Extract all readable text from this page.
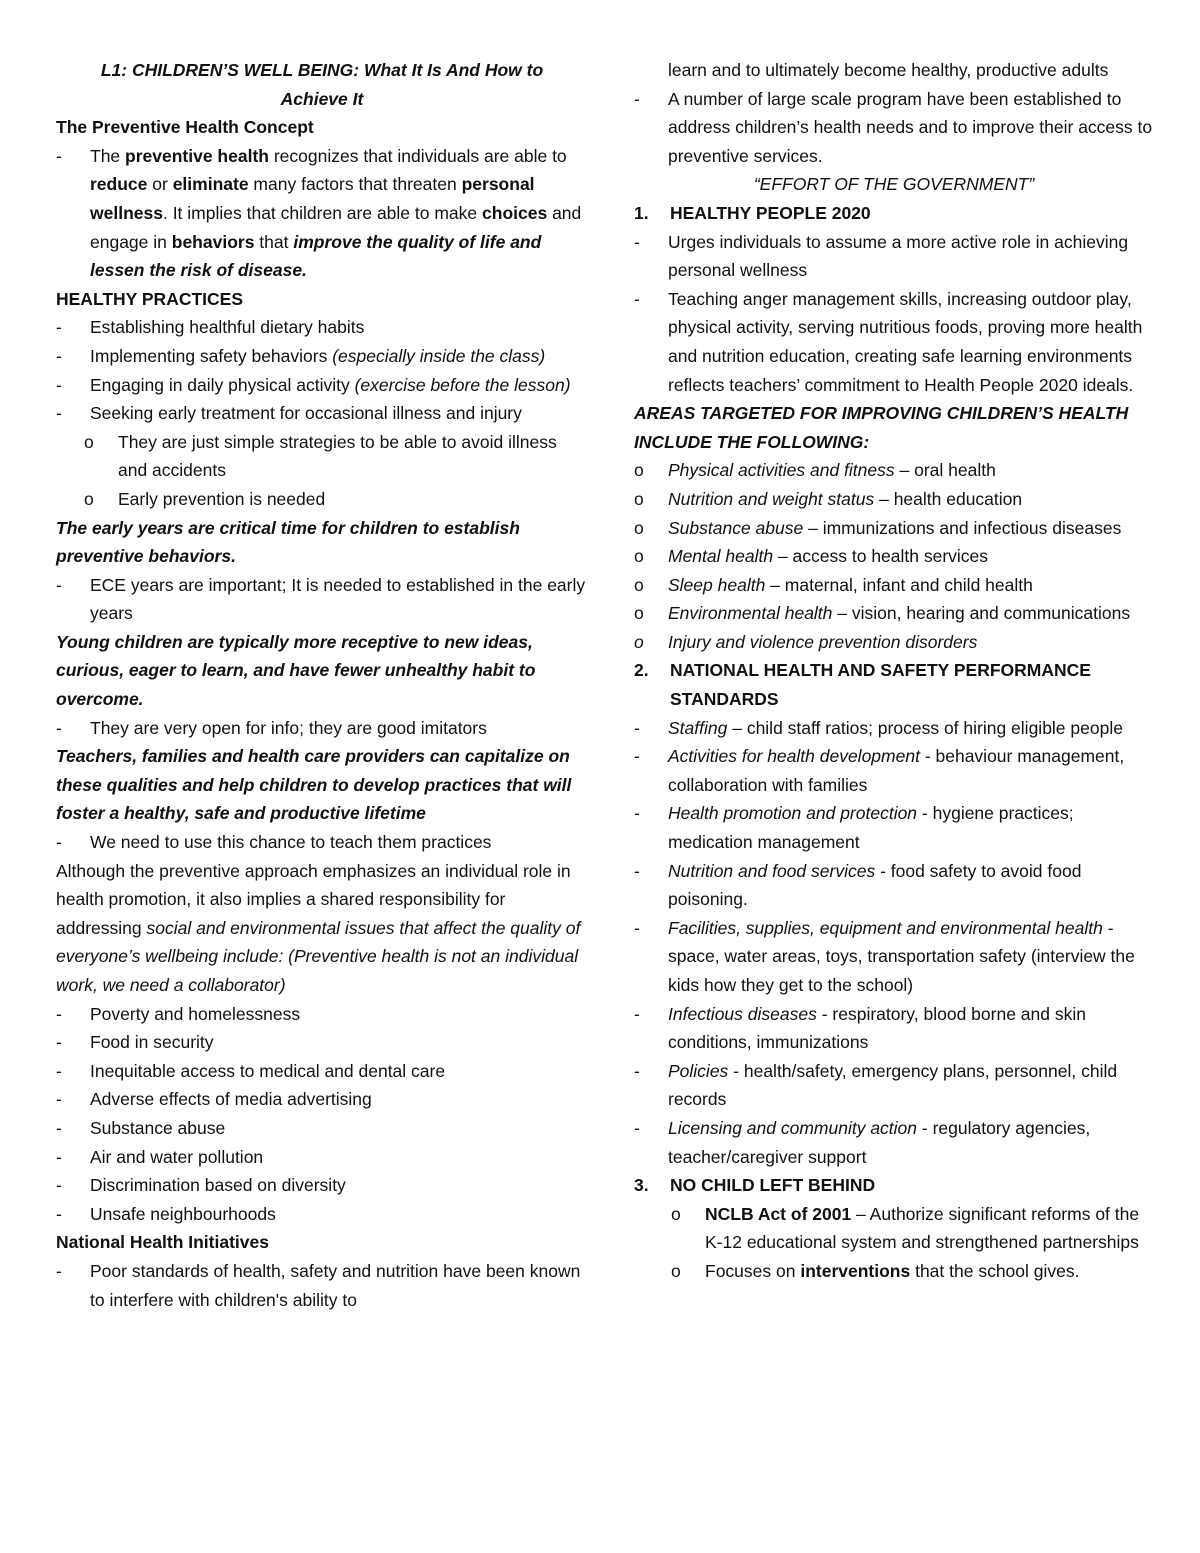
L1: CHILDREN’S WELL BEING: What It Is And How to

Achieve It

The Preventive Health Concept

-	The preventive health recognizes that individuals are able to reduce or eliminate many factors that threaten personal wellness. It implies that children are able to make choices and engage in behaviors that improve the quality of life and lessen the risk of disease.

HEALTHY PRACTICES

-	Establishing healthful dietary habits
-	Implementing safety behaviors (especially inside the class)
-	Engaging in daily physical activity (exercise before the lesson)
-	Seeking early treatment for occasional illness and injury
o	They are just simple strategies to be able to avoid illness and accidents
o	Early prevention is needed

The early years are critical time for children to establish preventive behaviors.

-	ECE years are important; It is needed to established in the early years

Young children are typically more receptive to new ideas, curious, eager to learn, and have fewer unhealthy habit to overcome.

-	They are very open for info; they are good imitators

Teachers, families and health care providers can capitalize on these qualities and help children to develop practices that will foster a healthy, safe and productive lifetime

-	We need to use this chance to teach them practices

Although the preventive approach emphasizes an individual role in health promotion, it also implies a shared responsibility for addressing social and environmental issues that affect the quality of everyone’s wellbeing include: (Preventive health is not an individual work, we need a collaborator)

-	Poverty and homelessness
-	Food in security
-	Inequitable access to medical and dental care
-	Adverse effects of media advertising
-	Substance abuse
-	Air and water pollution
-	Discrimination based on diversity
-	Unsafe neighbourhoods

National Health Initiatives

-	Poor standards of health, safety and nutrition have been known to interfere with children's ability to
learn and to ultimately become healthy, productive adults
-	A number of large scale program have been established to address children’s health needs and to improve their access to preventive services.

“EFFORT OF THE GOVERNMENT”

1.	HEALTHY PEOPLE 2020
-	Urges individuals to assume a more active role in achieving personal wellness
-	Teaching anger management skills, increasing outdoor play, physical activity, serving nutritious foods, proving more health and nutrition education, creating safe learning environments reflects teachers’ commitment to Health People 2020 ideals.

AREAS TARGETED FOR IMPROVING CHILDREN’S HEALTH INCLUDE THE FOLLOWING:

o	Physical activities and fitness – oral health
o	Nutrition and weight status – health education
o	Substance abuse – immunizations and infectious diseases
o	Mental health – access to health services
o	Sleep health – maternal, infant and child health
o	Environmental health – vision, hearing and communications
o	Injury and violence prevention disorders
2.	NATIONAL HEALTH AND SAFETY PERFORMANCE STANDARDS
-	Staffing – child staff ratios; process of hiring eligible people
-	Activities for health development - behaviour management, collaboration with families
-	Health promotion and protection - hygiene practices; medication management
-	Nutrition and food services - food safety to avoid food poisoning.
-	Facilities, supplies, equipment and environmental health - space, water areas, toys, transportation safety (interview the kids how they get to the school)
-	Infectious diseases - respiratory, blood borne and skin conditions, immunizations
-	Policies - health/safety, emergency plans, personnel, child records
-	Licensing and community action - regulatory agencies, teacher/caregiver support
3.	NO CHILD LEFT BEHIND
o	NCLB Act of 2001 – Authorize significant reforms of the K-12 educational system and strengthened partnerships
o	Focuses on interventions that the school gives.
